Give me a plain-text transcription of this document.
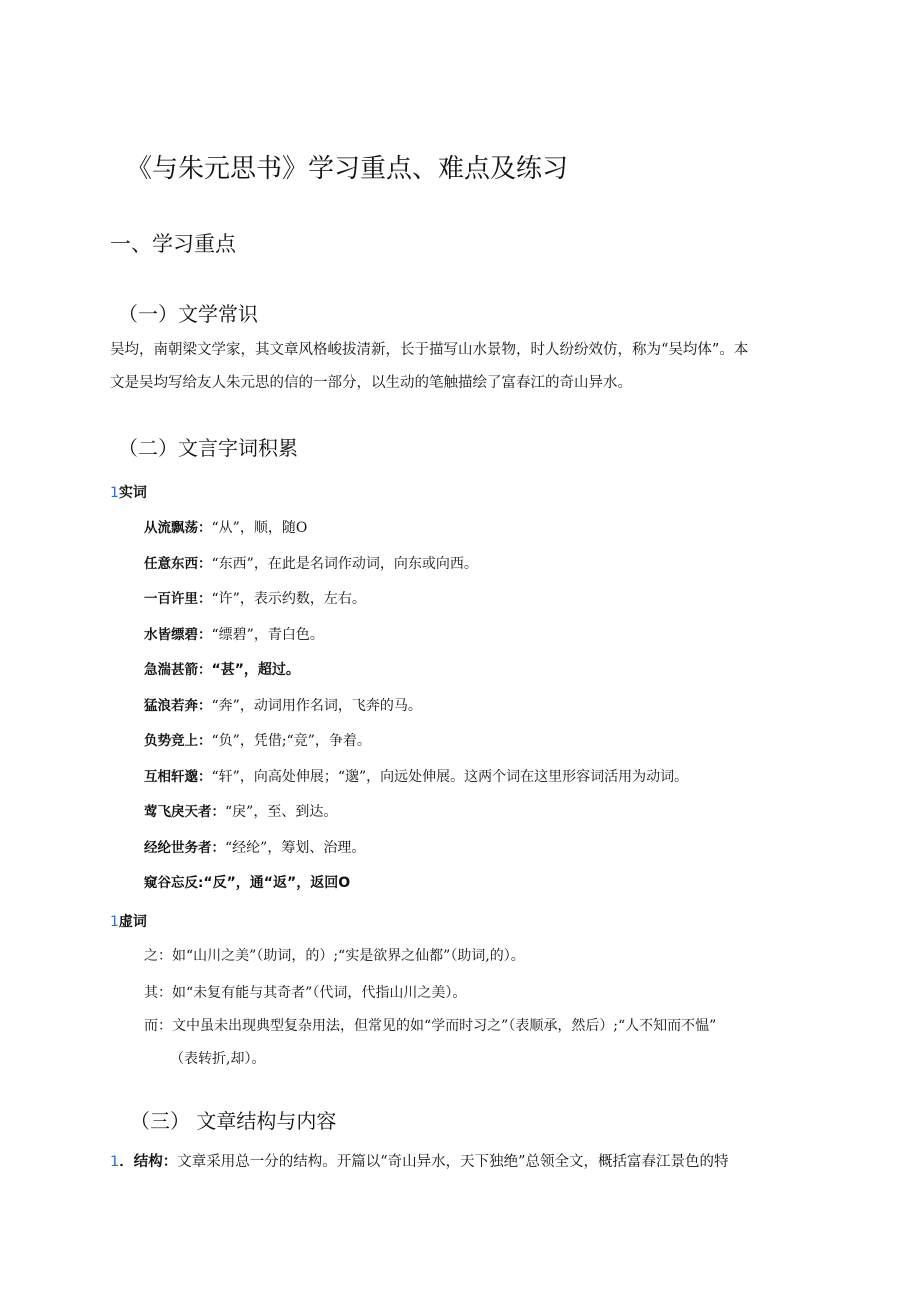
《与朱元思书》学习重点、难点及练习
一、学习重点
（一）文学常识
吴均，南朝梁文学家，其文章风格峻拔清新，长于描写山水景物，时人纷纷效仿，称为“吴均体”。本
文是吴均写给友人朱元思的信的一部分，以生动的笔触描绘了富春江的奇山异水。
（二）文言字词积累
1实词
从流飘荡：“从”，顺，随O
任意东西：“东西”，在此是名词作动词，向东或向西。
一百许里：“许”，表示约数，左右。
水皆缥碧：“缥碧”，青白色。
急湍甚箭：“甚”，超过。
猛浪若奔：“奔”，动词用作名词，飞奔的马。
负势竞上：“负”，凭借;“竞”，争着。
互相轩邈：“轩”，向高处伸展；“邈”，向远处伸展。这两个词在这里形容词活用为动词。
莺飞戾天者：“戾”，至、到达。
经纶世务者：“经纶”，筹划、治理。
窥谷忘反:“反”，通“返”，返回O
1虚词
之：如“山川之美”（助词，的）;“实是欲界之仙都”（助词,的）。
其：如“未复有能与其奇者”（代词，代指山川之美）。
而：文中虽未出现典型复杂用法，但常见的如“学而时习之”（表顺承，然后）;“人不知而不愠”
（表转折,却）。
（三） 文章结构与内容
1．结构：文章采用总一分的结构。开篇以“奇山异水，天下独绝”总领全文，概括富春江景色的特
